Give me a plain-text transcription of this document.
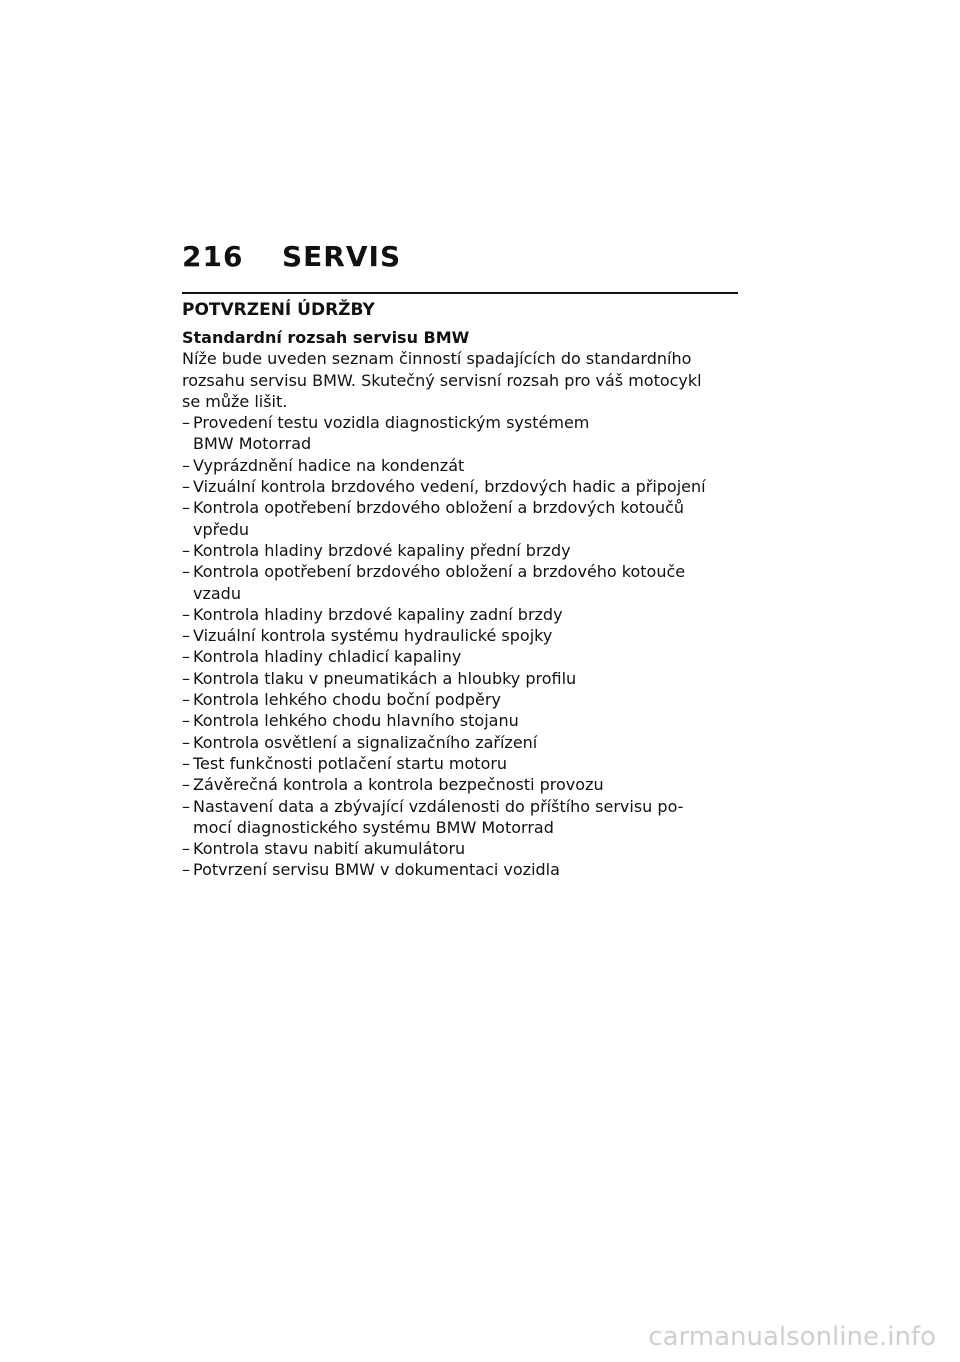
216	SERVIS
POTVRZENÍ ÚDRŽBY
Standardní rozsah servisu BMW

Níže bude uveden seznam činností spadajících do standardního
rozsahu servisu BMW. Skutečný servisní rozsah pro váš motocykl
se může lišit.

– Provedení testu vozidla diagnostickým systémem
BMW Motorrad
– Vyprázdnění hadice na kondenzát
– Vizuální kontrola brzdového vedení, brzdových hadic a připojení
– Kontrola opotřebení brzdového obložení a brzdových kotoučů
vpředu
– Kontrola hladiny brzdové kapaliny přední brzdy
– Kontrola opotřebení brzdového obložení a brzdového kotouče
vzadu
– Kontrola hladiny brzdové kapaliny zadní brzdy
– Vizuální kontrola systému hydraulické spojky
– Kontrola hladiny chladicí kapaliny
– Kontrola tlaku v pneumatikách a hloubky profilu
– Kontrola lehkého chodu boční podpěry
– Kontrola lehkého chodu hlavního stojanu
– Kontrola osvětlení a signalizačního zařízení
– Test funkčnosti potlačení startu motoru
– Závěrečná kontrola a kontrola bezpečnosti provozu
– Nastavení data a zbývající vzdálenosti do příštího servisu po-
mocí diagnostického systému BMW Motorrad
– Kontrola stavu nabití akumulátoru
– Potvrzení servisu BMW v dokumentaci vozidla
carmanualsonline.info
